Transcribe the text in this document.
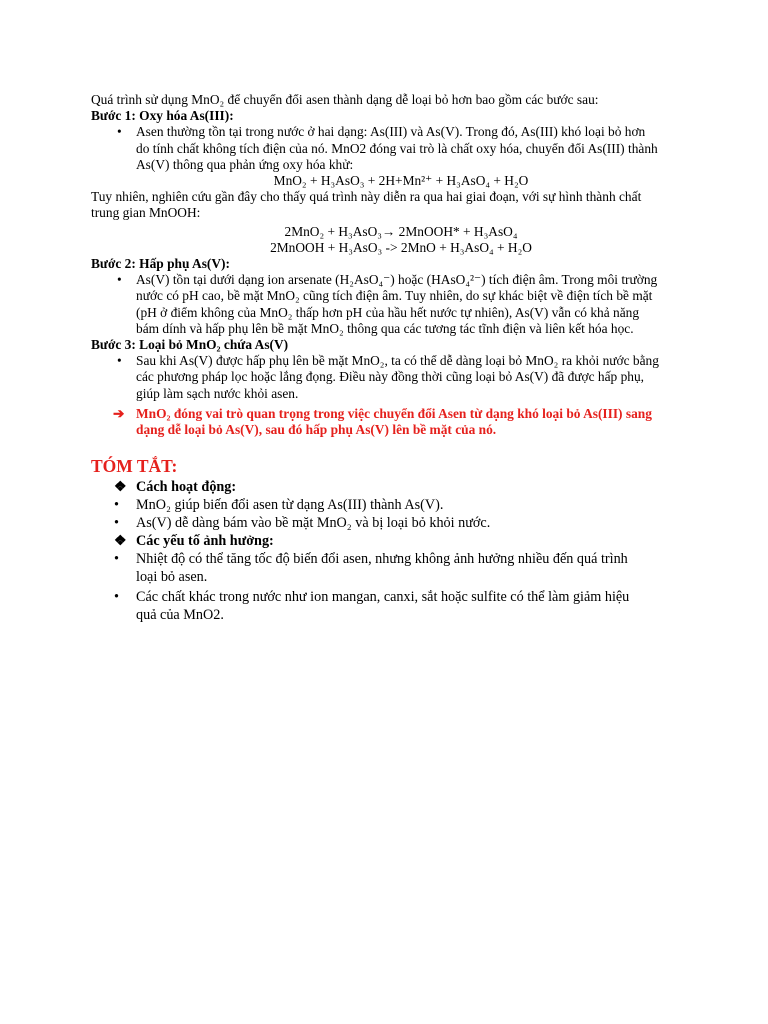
Quá trình sử dụng MnO₂ để chuyển đổi asen thành dạng dễ loại bỏ hơn bao gồm các bước sau:
Bước 1: Oxy hóa As(III):
• Asen thường tồn tại trong nước ở hai dạng: As(III) và As(V). Trong đó, As(III) khó loại bỏ hơn
do tính chất không tích điện của nó. MnO2 đóng vai trò là chất oxy hóa, chuyển đổi As(III) thành
As(V) thông qua phản ứng oxy hóa khử:
MnO₂ + H₃AsO₃ + 2H+Mn²⁺ + H₃AsO₄ + H₂O
Tuy nhiên, nghiên cứu gần đây cho thấy quá trình này diễn ra qua hai giai đoạn, với sự hình thành chất
trung gian MnOOH:
2MnO₂ + H₃AsO₃→ 2MnOOH* + H₃AsO₄
2MnOOH + H₃AsO₃ -> 2MnO + H₃AsO₄ + H₂O
Bước 2: Hấp phụ As(V):
• As(V) tồn tại dưới dạng ion arsenate (H₂AsO₄⁻) hoặc (HAsO₄²⁻) tích điện âm. Trong môi trường
nước có pH cao, bề mặt MnO₂ cũng tích điện âm. Tuy nhiên, do sự khác biệt về điện tích bề mặt
(pH ở điểm không của MnO₂ thấp hơn pH của hầu hết nước tự nhiên), As(V) vẫn có khả năng
bám dính và hấp phụ lên bề mặt MnO₂ thông qua các tương tác tĩnh điện và liên kết hóa học.
Bước 3: Loại bỏ MnO₂ chứa As(V)
• Sau khi As(V) được hấp phụ lên bề mặt MnO₂, ta có thể dễ dàng loại bỏ MnO₂ ra khỏi nước bằng
các phương pháp lọc hoặc lắng đọng. Điều này đồng thời cũng loại bỏ As(V) đã được hấp phụ,
giúp làm sạch nước khỏi asen.
➔ MnO₂ đóng vai trò quan trọng trong việc chuyển đổi Asen từ dạng khó loại bỏ As(III) sang
dạng dễ loại bỏ As(V), sau đó hấp phụ As(V) lên bề mặt của nó.
TÓM TẮT:
❖ Cách hoạt động:
• MnO₂ giúp biến đổi asen từ dạng As(III) thành As(V).
• As(V) dễ dàng bám vào bề mặt MnO₂ và bị loại bỏ khỏi nước.
❖ Các yếu tố ảnh hưởng:
• Nhiệt độ có thể tăng tốc độ biến đổi asen, nhưng không ảnh hưởng nhiều đến quá trình
loại bỏ asen.
• Các chất khác trong nước như ion mangan, canxi, sắt hoặc sulfite có thể làm giảm hiệu
quả của MnO2.
